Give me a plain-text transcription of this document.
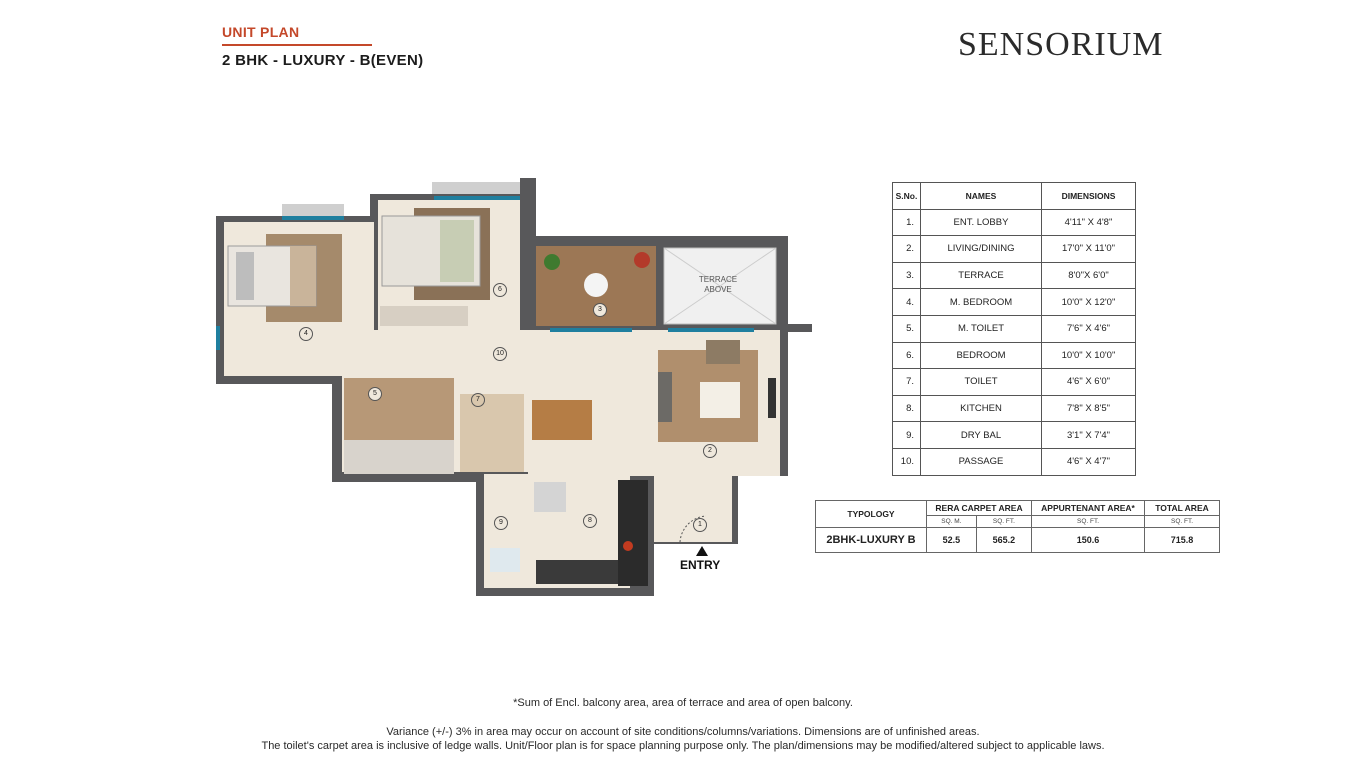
UNIT PLAN
2 BHK - LUXURY - B(EVEN)	SENSORIUM
TERRACE ABOVE
ENTRY
1
2
3
4
5
6
7
8
9
10
S.No.	NAMES	DIMENSIONS
1.	ENT. LOBBY	4'11" X 4'8"
2.	LIVING/DINING	17'0" X 11'0"
3.	TERRACE	8'0"X 6'0"
4.	M. BEDROOM	10'0" X 12'0"
5.	M. TOILET	7'6" X 4'6"
6.	BEDROOM	10'0" X 10'0"
7.	TOILET	4'6" X 6'0"
8.	KITCHEN	7'8" X 8'5"
9.	DRY BAL	3'1" X 7'4"
10.	PASSAGE	4'6" X 4'7"
TYPOLOGY	RERA CARPET AREA		APPURTENANT AREA*	TOTAL AREA
	SQ. M.	SQ. FT.	SQ. FT.	SQ. FT.
2BHK-LUXURY B	52.5	565.2	150.6	715.8
*Sum of Encl. balcony area, area of terrace and area of open balcony.
Variance (+/-) 3% in area may occur on account of site conditions/columns/variations. Dimensions are of unfinished areas.
The toilet's carpet area is inclusive of ledge walls. Unit/Floor plan is for space planning purpose only. The plan/dimensions may be modified/altered subject to applicable laws.
